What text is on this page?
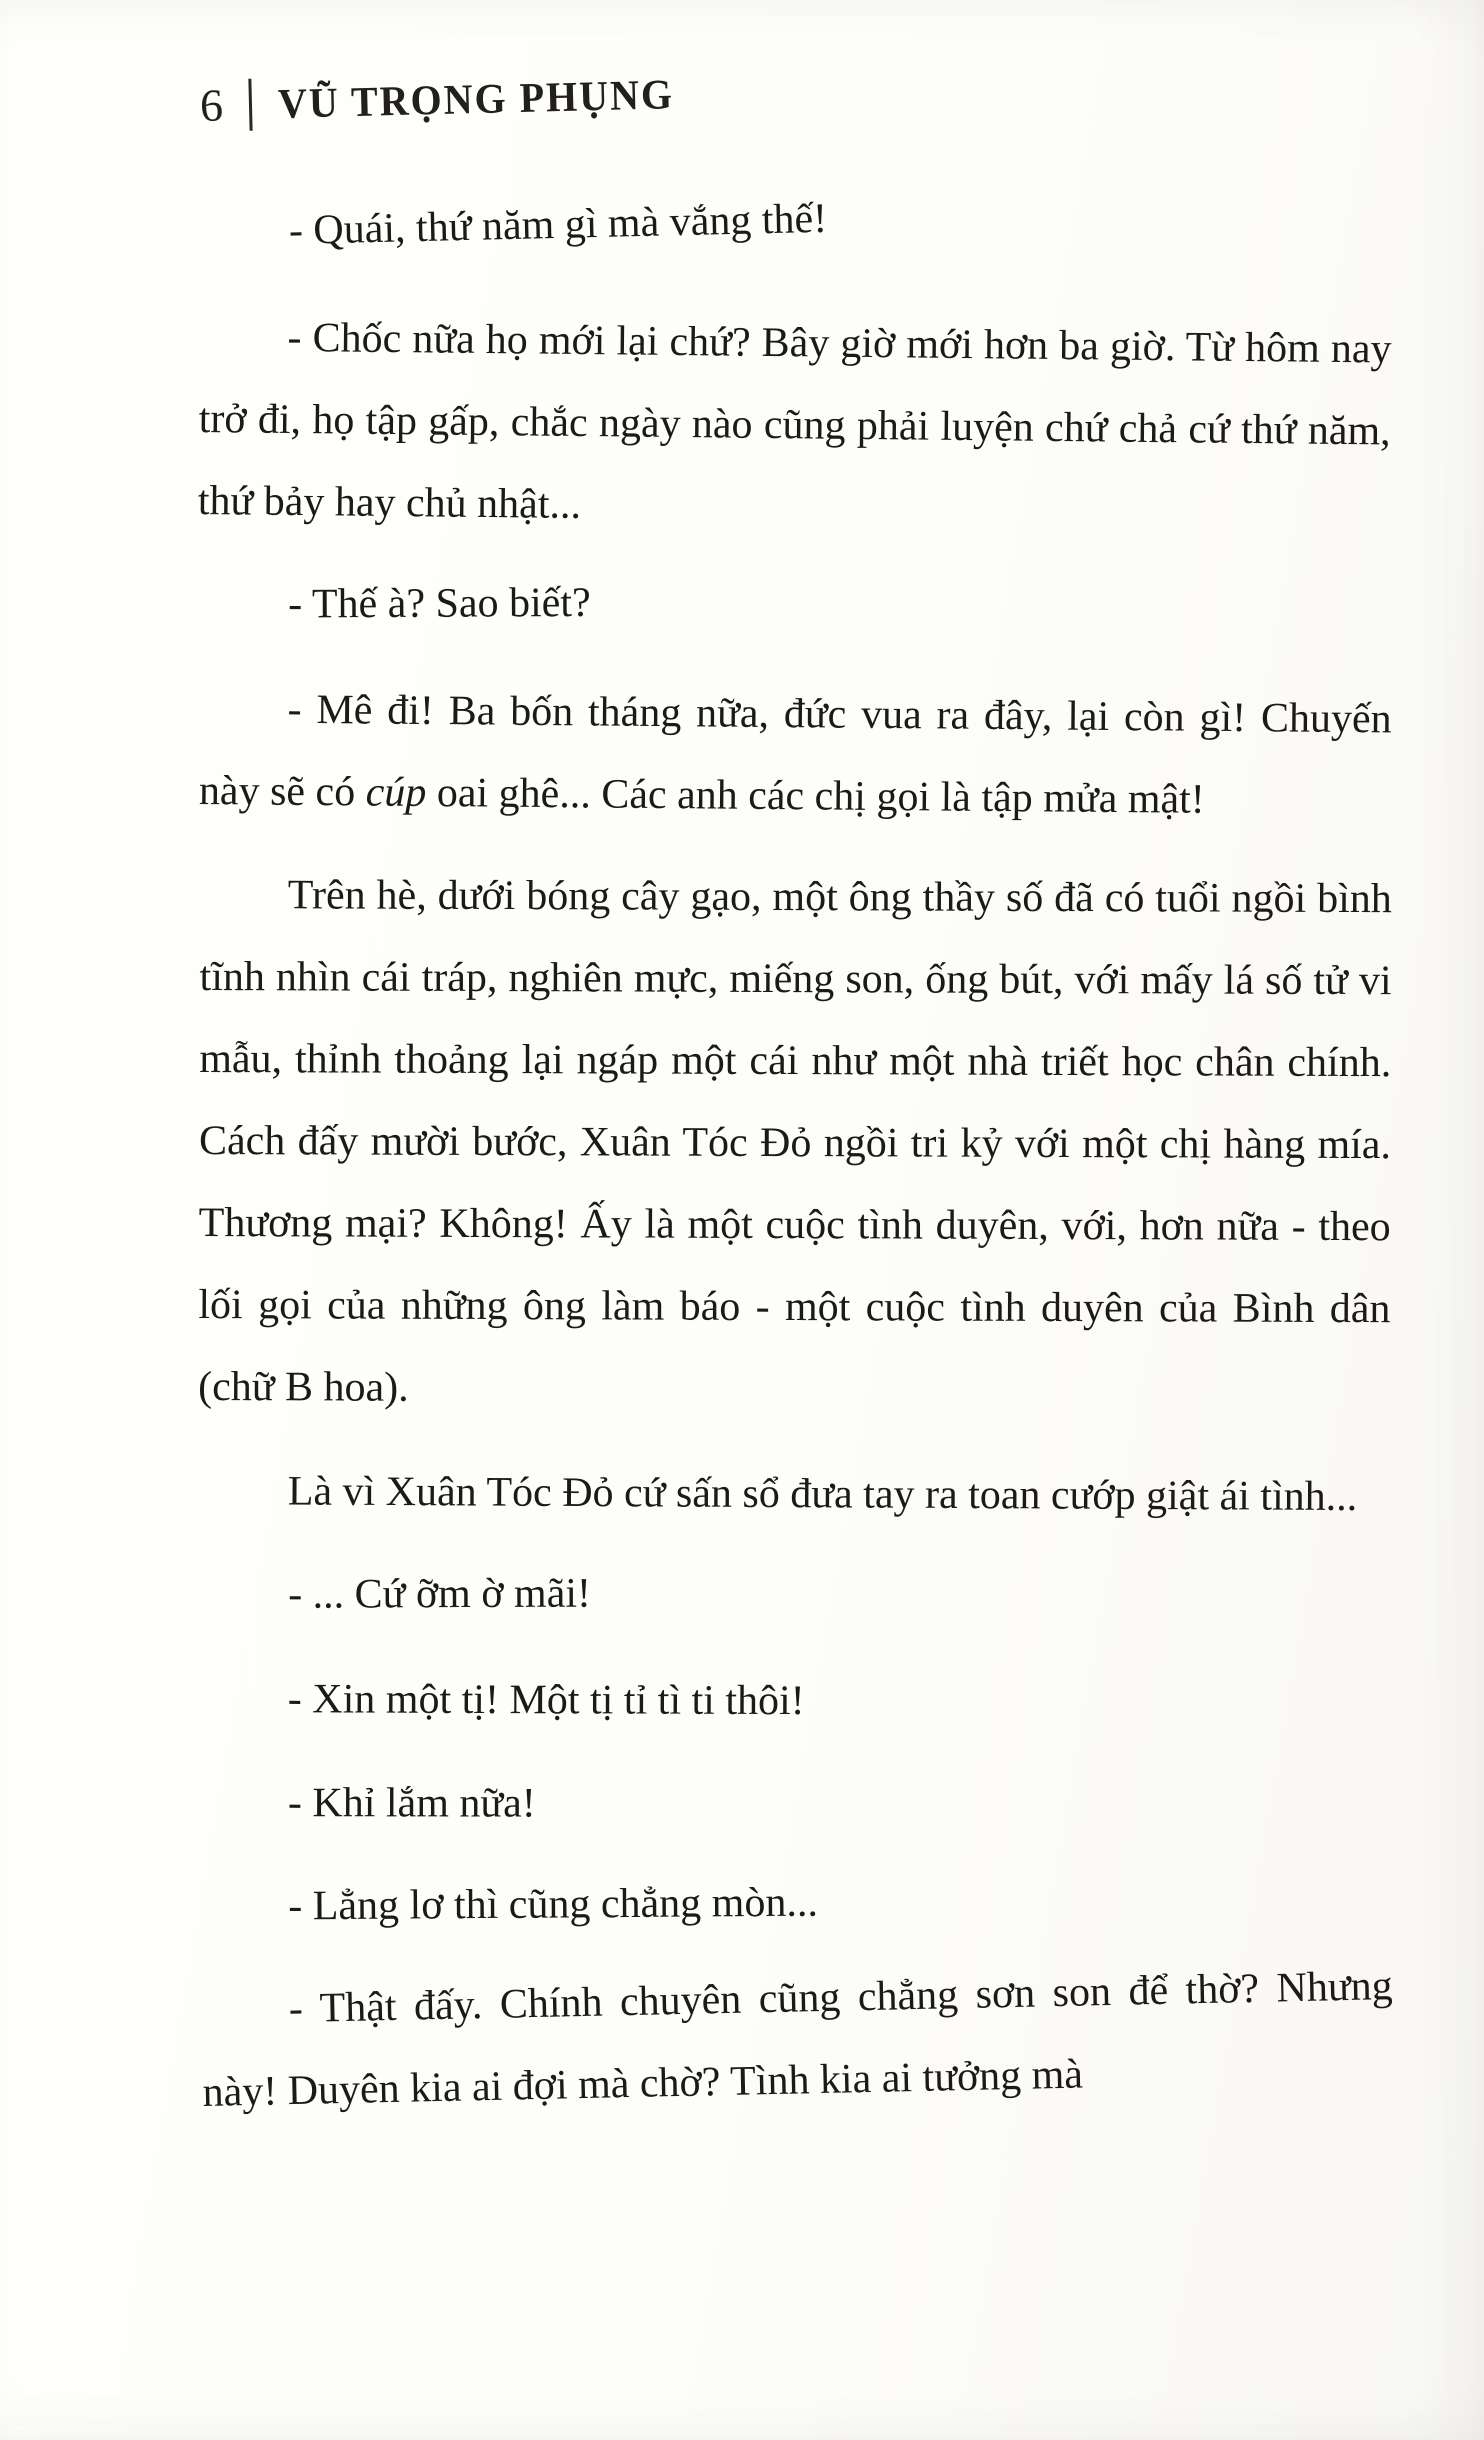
6 VŨ TRỌNG PHỤNG

- Quái, thứ năm gì mà vắng thế!

- Chốc nữa họ mới lại chứ? Bây giờ mới hơn ba giờ. Từ hôm nay trở đi, họ tập gấp, chắc ngày nào cũng phải luyện chứ chả cứ thứ năm, thứ bảy hay chủ nhật...

- Thế à? Sao biết?

- Mê đi! Ba bốn tháng nữa, đức vua ra đây, lại còn gì! Chuyến này sẽ có cúp oai ghê... Các anh các chị gọi là tập mửa mật!

Trên hè, dưới bóng cây gạo, một ông thầy số đã có tuổi ngồi bình tĩnh nhìn cái tráp, nghiên mực, miếng son, ống bút, với mấy lá số tử vi mẫu, thỉnh thoảng lại ngáp một cái như một nhà triết học chân chính. Cách đấy mười bước, Xuân Tóc Đỏ ngồi tri kỷ với một chị hàng mía. Thương mại? Không! Ấy là một cuộc tình duyên, với, hơn nữa - theo lối gọi của những ông làm báo - một cuộc tình duyên của Bình dân (chữ B hoa).

Là vì Xuân Tóc Đỏ cứ sấn sổ đưa tay ra toan cướp giật ái tình...

- ... Cứ ỡm ờ mãi!

- Xin một tị! Một tị tỉ tì ti thôi!

- Khỉ lắm nữa!

- Lẳng lơ thì cũng chẳng mòn...

- Thật đấy. Chính chuyên cũng chẳng sơn son để thờ? Nhưng này! Duyên kia ai đợi mà chờ? Tình kia ai tưởng mà
